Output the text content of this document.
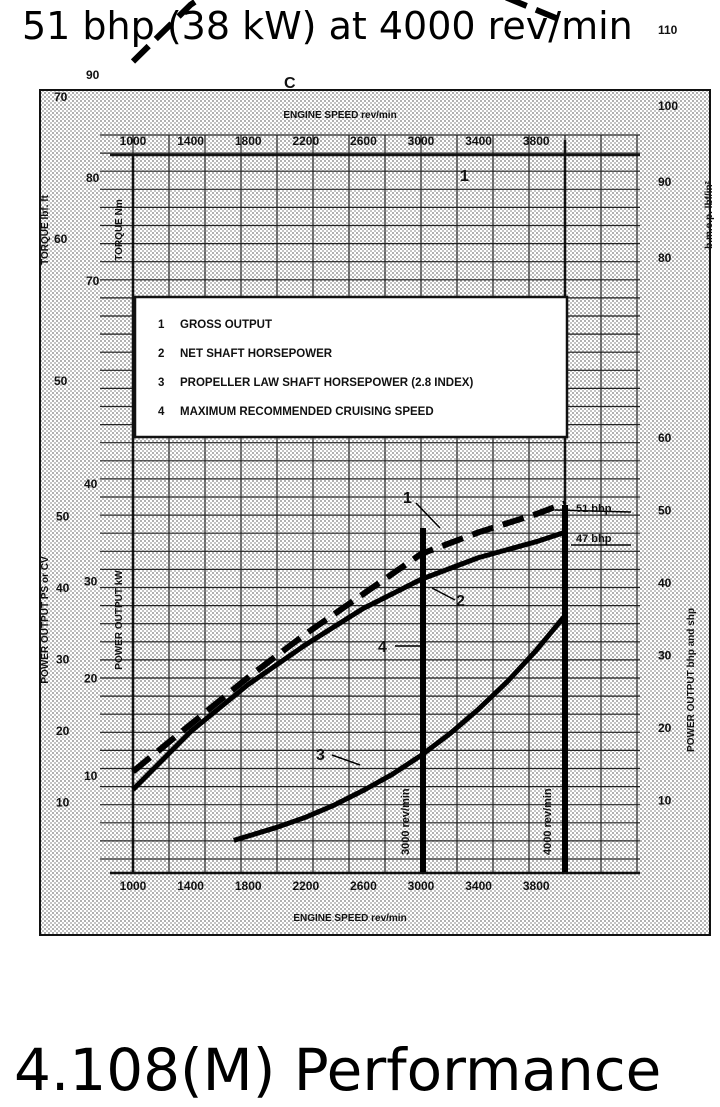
51 bhp (38 kW) at 4000 rev/min
C
ENGINE SPEED rev/min
ENGINE SPEED rev/min
1000
1000
1400
1400
1800
1800
2200
2200
2600
2600
3000
3000
3400
3400
3800
3800
TORQUE lbf. ft	TORQUE Nm	b.m.e.p. lbf/in²
POWER OUTPUT PS or CV	POWER OUTPUT kW	POWER OUTPUT bhp and shp
50
60
70
70
80
90
80
90
100
110
10
20
30
40
50
10
20
30
40
10
20
30
40
50
60
1 GROSS OUTPUT
2 NET SHAFT HORSEPOWER
3 PROPELLER LAW SHAFT HORSEPOWER (2.8 INDEX)
4 MAXIMUM RECOMMENDED CRUISING SPEED
3000 rev/min	4000 rev/min
51 bhp
47 bhp
1
1
2
3
4
4.108(M) Performance
